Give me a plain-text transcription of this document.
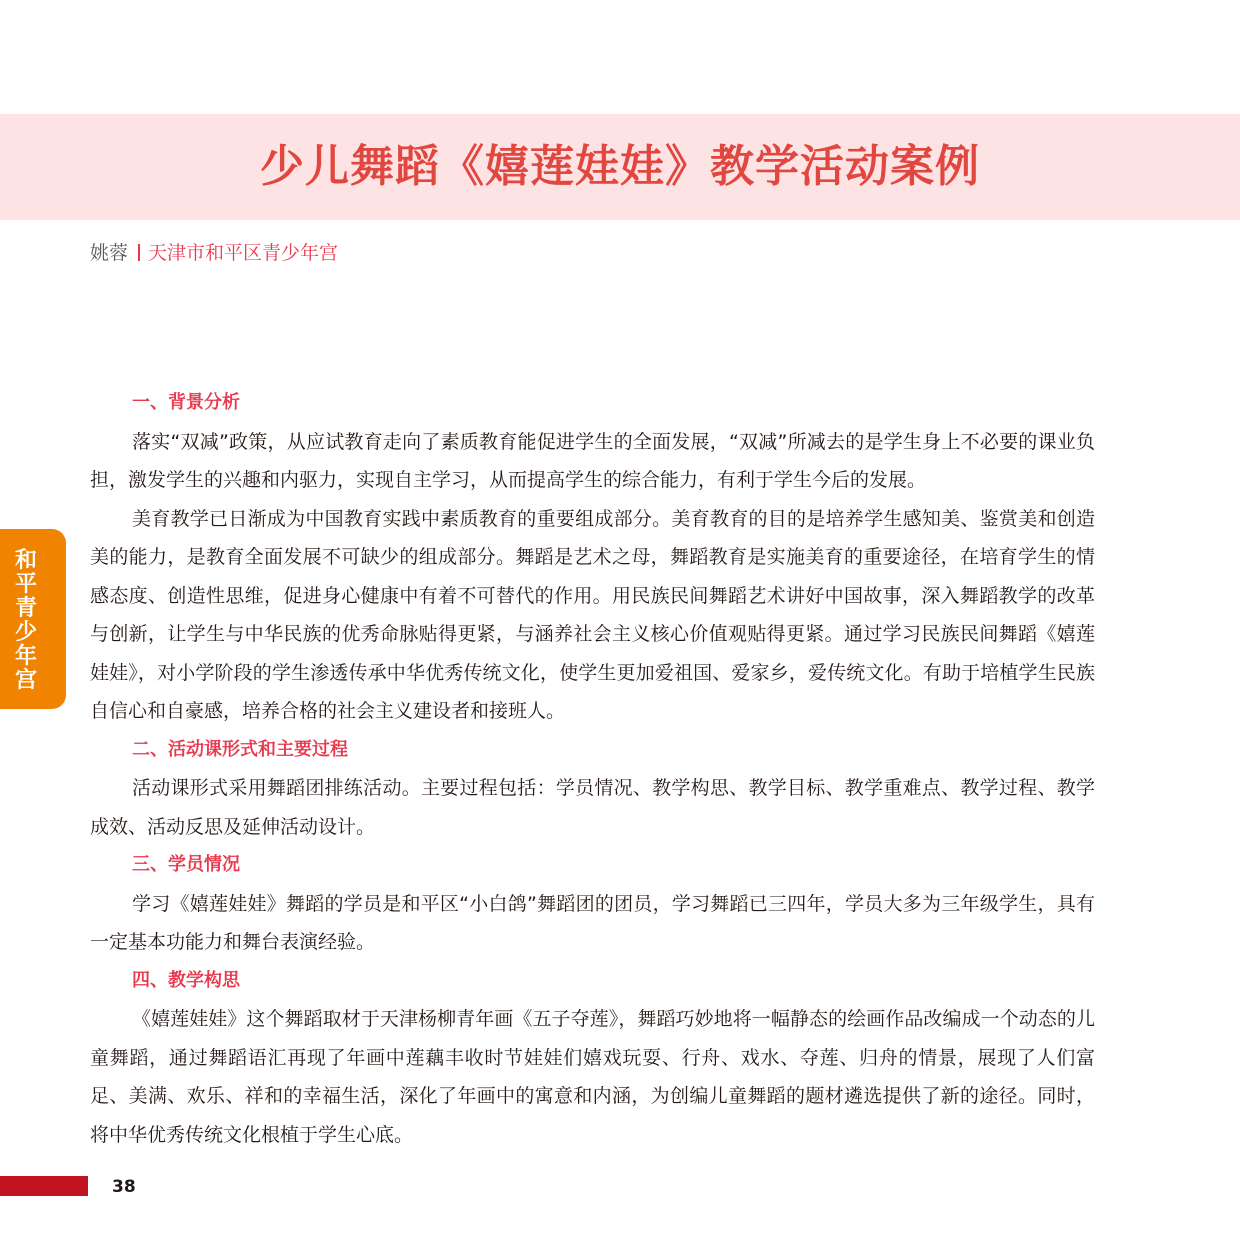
少儿舞蹈《嬉莲娃娃》教学活动案例
姚蓉 天津市和平区青少年宫
和平青少年宫
一、背景分析

落实“双减”政策，从应试教育走向了素质教育能促进学生的全面发展，“双减”所减去的是学生身上不必要的课业负担，激发学生的兴趣和内驱力，实现自主学习，从而提高学生的综合能力，有利于学生今后的发展。

美育教学已日渐成为中国教育实践中素质教育的重要组成部分。美育教育的目的是培养学生感知美、鉴赏美和创造美的能力，是教育全面发展不可缺少的组成部分。舞蹈是艺术之母，舞蹈教育是实施美育的重要途径，在培育学生的情感态度、创造性思维，促进身心健康中有着不可替代的作用。用民族民间舞蹈艺术讲好中国故事，深入舞蹈教学的改革与创新，让学生与中华民族的优秀命脉贴得更紧，与涵养社会主义核心价值观贴得更紧。通过学习民族民间舞蹈《嬉莲娃娃》，对小学阶段的学生渗透传承中华优秀传统文化，使学生更加爱祖国、爱家乡，爱传统文化。有助于培植学生民族自信心和自豪感，培养合格的社会主义建设者和接班人。

二、活动课形式和主要过程

活动课形式采用舞蹈团排练活动。主要过程包括：学员情况、教学构思、教学目标、教学重难点、教学过程、教学成效、活动反思及延伸活动设计。

三、学员情况

学习《嬉莲娃娃》舞蹈的学员是和平区“小白鸽”舞蹈团的团员，学习舞蹈已三四年，学员大多为三年级学生，具有一定基本功能力和舞台表演经验。

四、教学构思

《嬉莲娃娃》这个舞蹈取材于天津杨柳青年画《五子夺莲》，舞蹈巧妙地将一幅静态的绘画作品改编成一个动态的儿童舞蹈，通过舞蹈语汇再现了年画中莲藕丰收时节娃娃们嬉戏玩耍、行舟、戏水、夺莲、归舟的情景，展现了人们富足、美满、欢乐、祥和的幸福生活，深化了年画中的寓意和内涵，为创编儿童舞蹈的题材遴选提供了新的途径。同时，将中华优秀传统文化根植于学生心底。

38
